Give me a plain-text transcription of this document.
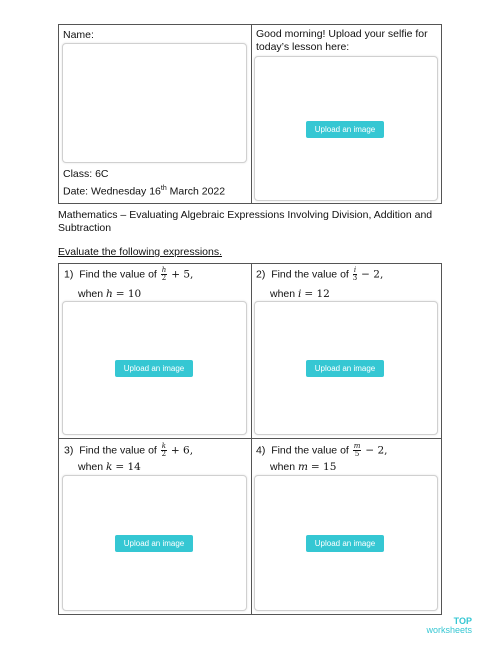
Name:
Class: 6C
Date: Wednesday 16th March 2022
Good morning! Upload your selfie for today’s lesson here:
Upload an image
Mathematics – Evaluating Algebraic Expressions Involving Division, Addition and Subtraction
Evaluate the following expressions.
1) Find the value of $\frac{h}{2} + 5$,
when h = 10
Upload an image
2) Find the value of $\frac{i}{3} - 2$,
when i = 12
Upload an image
3) Find the value of $\frac{k}{2} + 6$,
when k = 14
Upload an image
4) Find the value of $\frac{m}{5} - 2$,
when m = 15
Upload an image
TOP
worksheets
